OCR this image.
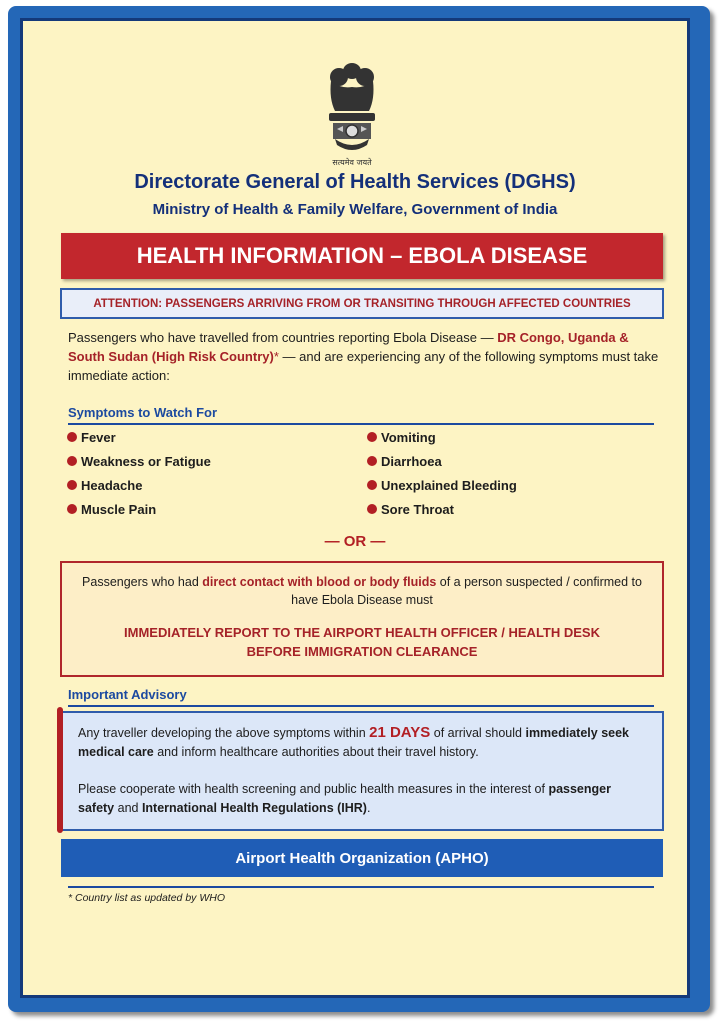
सत्यमेव जयते
Directorate General of Health Services (DGHS)
Ministry of Health & Family Welfare, Government of India
HEALTH INFORMATION – EBOLA DISEASE
ATTENTION: PASSENGERS ARRIVING FROM OR TRANSITING THROUGH AFFECTED COUNTRIES
Passengers who have travelled from countries reporting Ebola Disease — DR Congo, Uganda & South Sudan (High Risk Country)* — and are experiencing any of the following symptoms must take immediate action:
Symptoms to Watch For
Fever
Weakness or Fatigue
Headache
Muscle Pain
Vomiting
Diarrhoea
Unexplained Bleeding
Sore Throat
— OR —
Passengers who had direct contact with blood or body fluids of a person suspected / confirmed to have Ebola Disease must
IMMEDIATELY REPORT TO THE AIRPORT HEALTH OFFICER / HEALTH DESK
BEFORE IMMIGRATION CLEARANCE
Important Advisory

Any traveller developing the above symptoms within 21 DAYS of arrival should immediately seek medical care and inform healthcare authorities about their travel history.

Please cooperate with health screening and public health measures in the interest of passenger safety and International Health Regulations (IHR).

Airport Health Organization (APHO)
* Country list as updated by WHO
